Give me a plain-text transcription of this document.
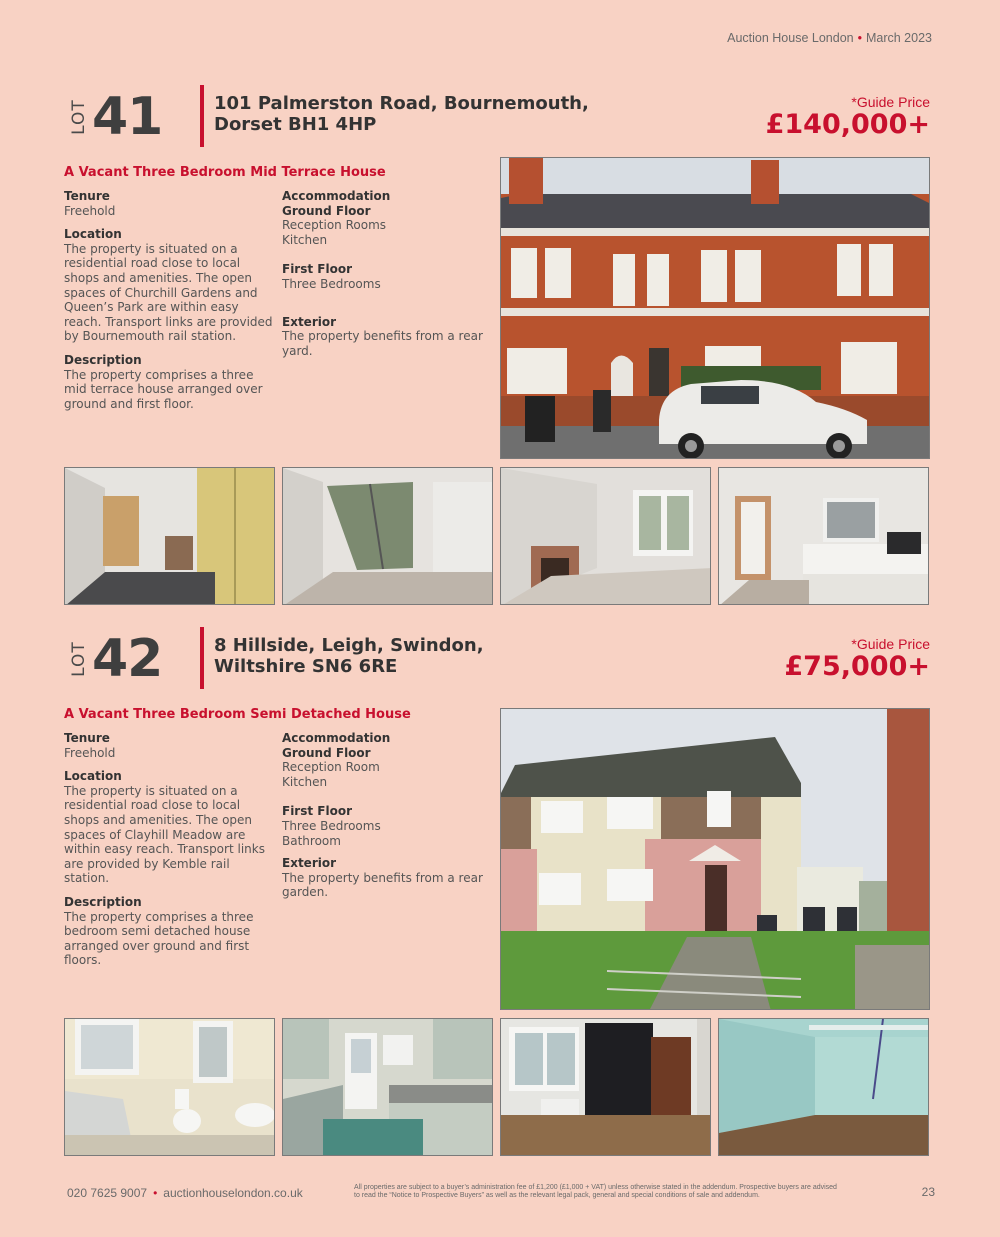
Auction House London • March 2023
LOT 41	101 Palmerston Road, Bournemouth,
Dorset BH1 4HP
*Guide Price
£140,000+
A Vacant Three Bedroom Mid Terrace House
Tenure

Freehold

Location

The property is situated on a residential road close to local shops and amenities. The open spaces of Churchill Gardens and Queen’s Park are within easy reach. Transport links are provided by Bournemouth rail station.

Description

The property comprises a three mid terrace house arranged over ground and first floor.

Accommodation
Ground Floor

Reception Rooms

Kitchen

First Floor

Three Bedrooms

Exterior

The property benefits from a rear yard.

LOT 42	8 Hillside, Leigh, Swindon,
Wiltshire SN6 6RE
*Guide Price
£75,000+
A Vacant Three Bedroom Semi Detached House
Tenure

Freehold

Location

The property is situated on a residential road close to local shops and amenities. The open spaces of Clayhill Meadow are within easy reach. Transport links are provided by Kemble rail station.

Description

The property comprises a three bedroom semi detached house arranged over ground and first floors.

Accommodation
Ground Floor

Reception Room

Kitchen

First Floor

Three Bedrooms

Bathroom

Exterior

The property benefits from a rear garden.

020 7625 9007 • auctionhouselondon.co.uk	All properties are subject to a buyer’s administration fee of £1,200 (£1,000 + VAT) unless otherwise stated in the addendum. Prospective buyers are advised to read the “Notice to Prospective Buyers” as well as the relevant legal pack, general and special conditions of sale and addendum.	23
